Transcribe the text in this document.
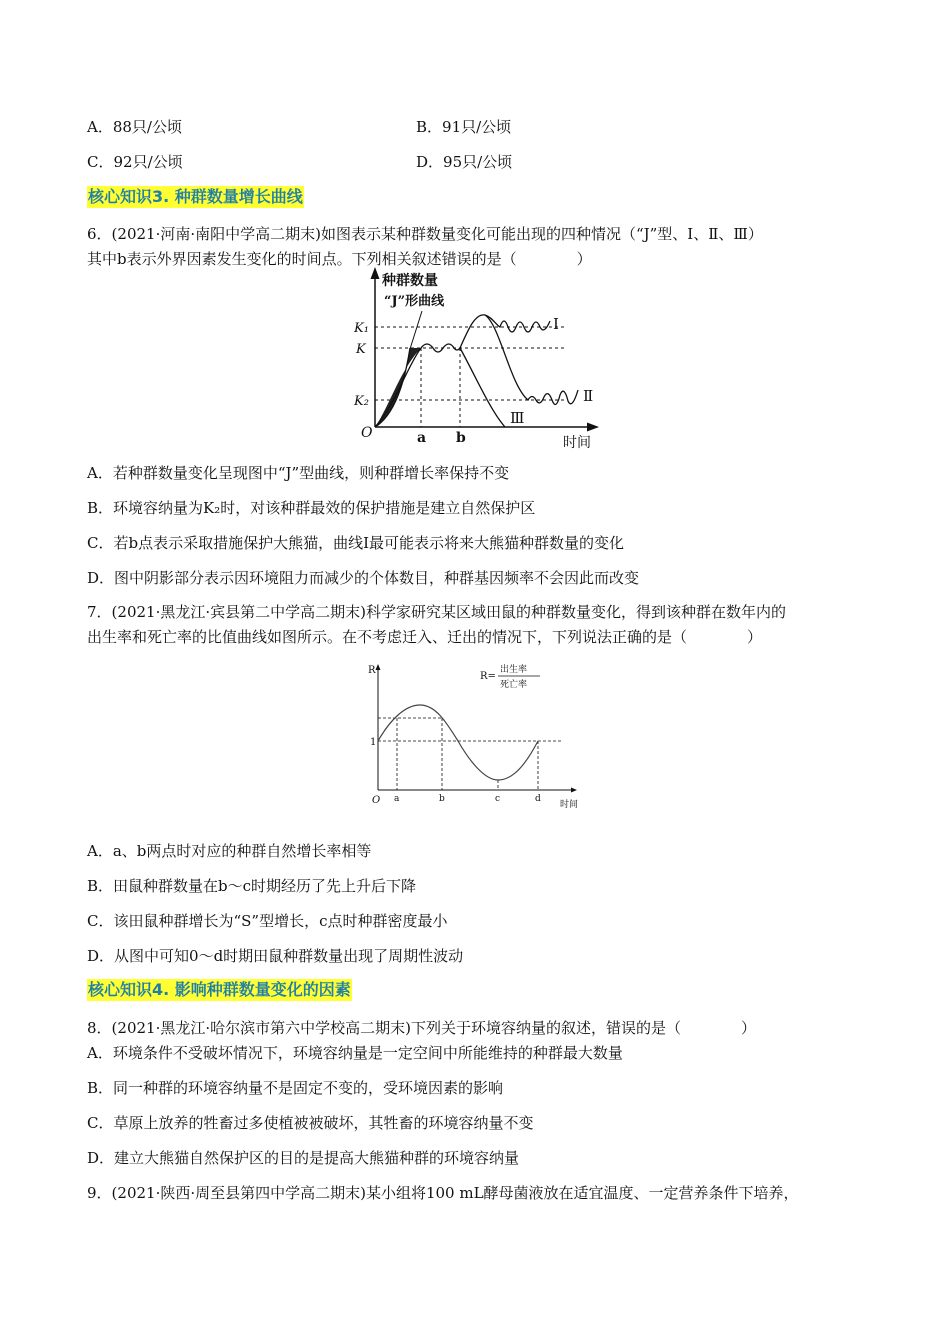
A．88只/公顷	B．91只/公顷
C．92只/公顷	D．95只/公顷
核心知识3. 种群数量增长曲线
6．(2021·河南·南阳中学高二期末)如图表示某种群数量变化可能出现的四种情况（“J”型、Ⅰ、Ⅱ、Ⅲ）
其中b表示外界因素发生变化的时间点。下列相关叙述错误的是（　　　　）
种群数量
“J”形曲线
K₁
K
K₂
O	a b	时间
Ⅰ
Ⅱ
Ⅲ
A．若种群数量变化呈现图中“J”型曲线，则种群增长率保持不变
B．环境容纳量为K₂时，对该种群最效的保护措施是建立自然保护区
C．若b点表示采取措施保护大熊猫，曲线Ⅰ最可能表示将来大熊猫种群数量的变化
D．图中阴影部分表示因环境阻力而减少的个体数目，种群基因频率不会因此而改变
7．(2021·黑龙江·宾县第二中学高二期末)科学家研究某区域田鼠的种群数量变化，得到该种群在数年内的
出生率和死亡率的比值曲线如图所示。在不考虑迁入、迁出的情况下，下列说法正确的是（　　　　）
R
R=
出生率
死亡率
1
O a	b	c	d
时间
A．a、b两点时对应的种群自然增长率相等
B．田鼠种群数量在b～c时期经历了先上升后下降
C．该田鼠种群增长为“S”型增长，c点时种群密度最小
D．从图中可知0～d时期田鼠种群数量出现了周期性波动
核心知识4. 影响种群数量变化的因素
8．(2021·黑龙江·哈尔滨市第六中学校高二期末)下列关于环境容纳量的叙述，错误的是（　　　　）
A．环境条件不受破坏情况下，环境容纳量是一定空间中所能维持的种群最大数量
B．同一种群的环境容纳量不是固定不变的，受环境因素的影响
C．草原上放养的牲畜过多使植被被破坏，其牲畜的环境容纳量不变
D．建立大熊猫自然保护区的目的是提高大熊猫种群的环境容纳量
9．(2021·陕西·周至县第四中学高二期末)某小组将100 mL酵母菌液放在适宜温度、一定营养条件下培养，
